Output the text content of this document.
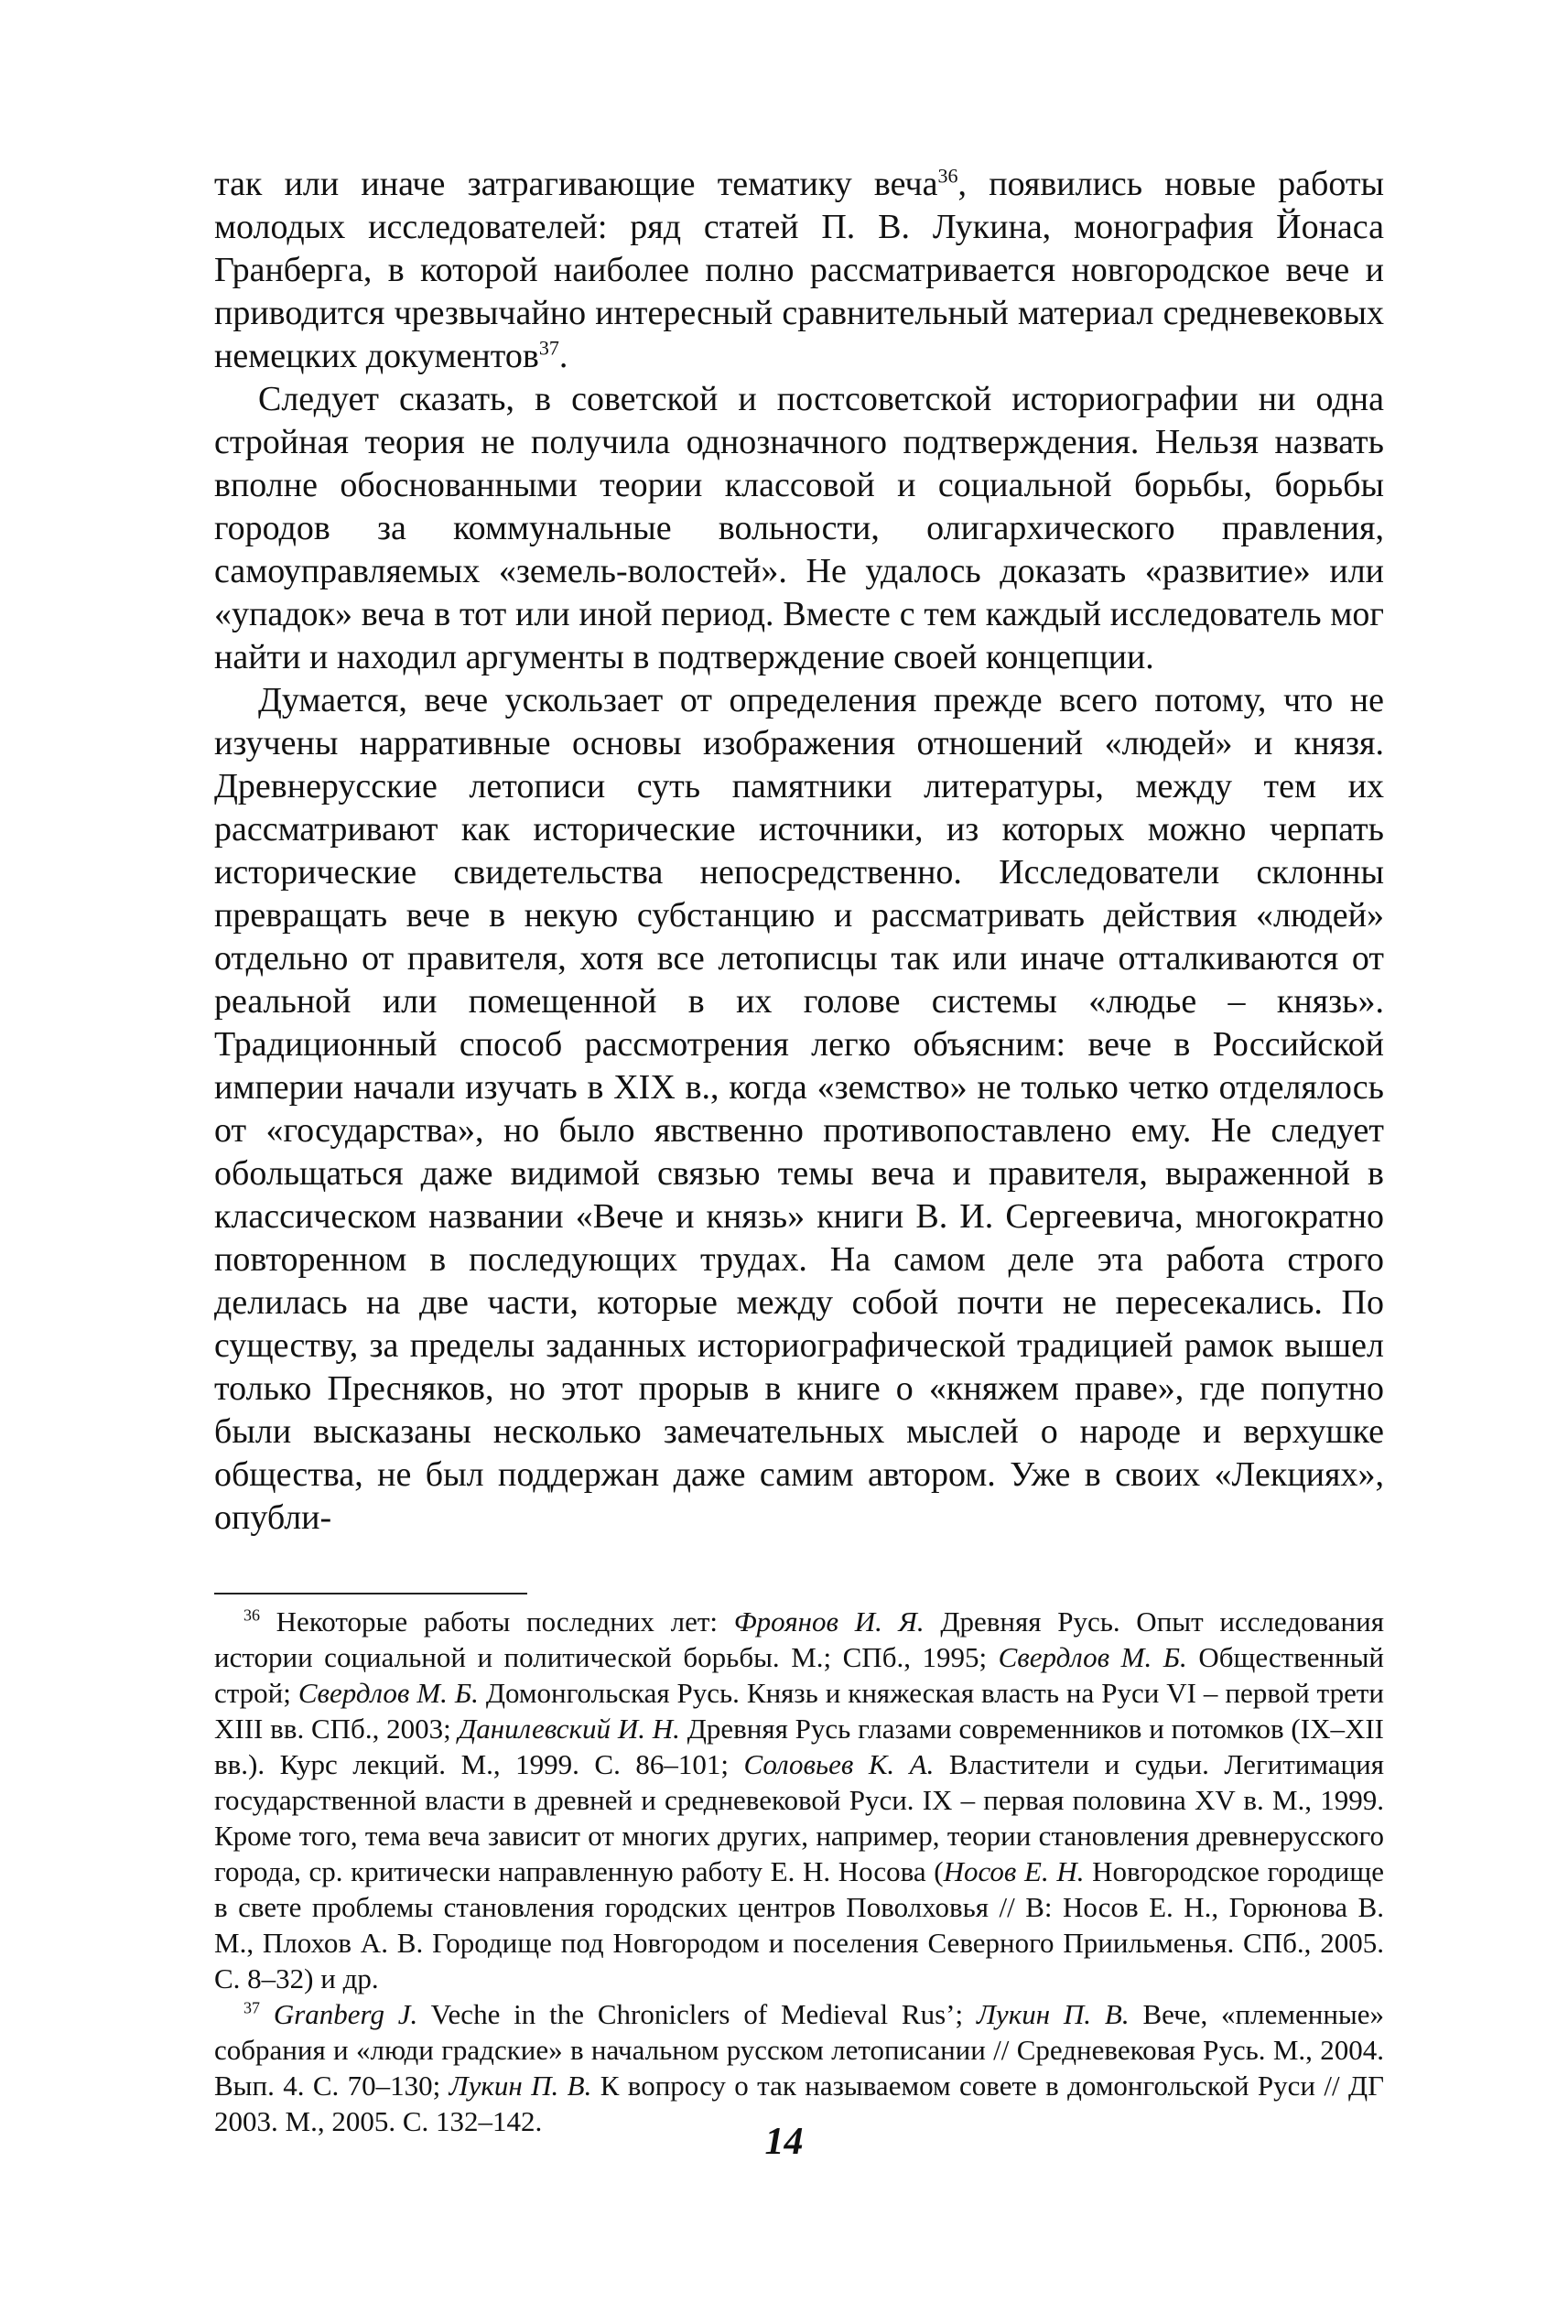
так или иначе затрагивающие тематику веча$^{36}$, появились новые работы молодых исследователей: ряд статей П. В. Лукина, монография Йонаса Гранберга, в которой наиболее полно рассматривается новгородское вече и приводится чрезвычайно интересный сравнительный материал средневековых немецких документов$^{37}$.

Следует сказать, в советской и постсоветской историографии ни одна стройная теория не получила однозначного подтверждения. Нельзя назвать вполне обоснованными теории классовой и социальной борьбы, борьбы городов за коммунальные вольности, олигархического правления, самоуправляемых «земель-волостей». Не удалось доказать «развитие» или «упадок» веча в тот или иной период. Вместе с тем каждый исследователь мог найти и находил аргументы в подтверждение своей концепции.

Думается, вече ускользает от определения прежде всего потому, что не изучены нарративные основы изображения отношений «людей» и князя. Древнерусские летописи суть памятники литературы, между тем их рассматривают как исторические источники, из которых можно черпать исторические свидетельства непосредственно. Исследователи склонны превращать вече в некую субстанцию и рассматривать действия «людей» отдельно от правителя, хотя все летописцы так или иначе отталкиваются от реальной или помещенной в их голове системы «людье – князь». Традиционный способ рассмотрения легко объясним: вече в Российской империи начали изучать в XIX в., когда «земство» не только четко отделялось от «государства», но было явственно противопоставлено ему. Не следует обольщаться даже видимой связью темы веча и правителя, выраженной в классическом названии «Вече и князь» книги В. И. Сергеевича, многократно повторенном в последующих трудах. На самом деле эта работа строго делилась на две части, которые между собой почти не пересекались. По существу, за пределы заданных историографической традицией рамок вышел только Пресняков, но этот прорыв в книге о «княжем праве», где попутно были высказаны несколько замечательных мыслей о народе и верхушке общества, не был поддержан даже самим автором. Уже в своих «Лекциях», опубли-

$^{36}$ Некоторые работы последних лет: Фроянов И. Я. Древняя Русь. Опыт исследования истории социальной и политической борьбы. М.; СПб., 1995; Свердлов М. Б. Общественный строй; Свердлов М. Б. Домонгольская Русь. Князь и княжеская власть на Руси VI – первой трети XIII вв. СПб., 2003; Данилевский И. Н. Древняя Русь глазами современников и потомков (IX–XII вв.). Курс лекций. М., 1999. С. 86–101; Соловьев К. А. Властители и судьи. Легитимация государственной власти в древней и средневековой Руси. IX – первая половина XV в. М., 1999. Кроме того, тема веча зависит от многих других, например, теории становления древнерусского города, ср. критически направленную работу Е. Н. Носова (Носов Е. Н. Новгородское городище в свете проблемы становления городских центров Поволховья // В: Носов Е. Н., Горюнова В. М., Плохов А. В. Городище под Новгородом и поселения Северного Приильменья. СПб., 2005. С. 8–32) и др.

$^{37}$ Granberg J. Veche in the Chroniclers of Medieval Rus’; Лукин П. В. Вече, «племенные» собрания и «люди градские» в начальном русском летописании // Средневековая Русь. М., 2004. Вып. 4. С. 70–130; Лукин П. В. К вопросу о так называемом совете в домонгольской Руси // ДГ 2003. М., 2005. С. 132–142.	14
